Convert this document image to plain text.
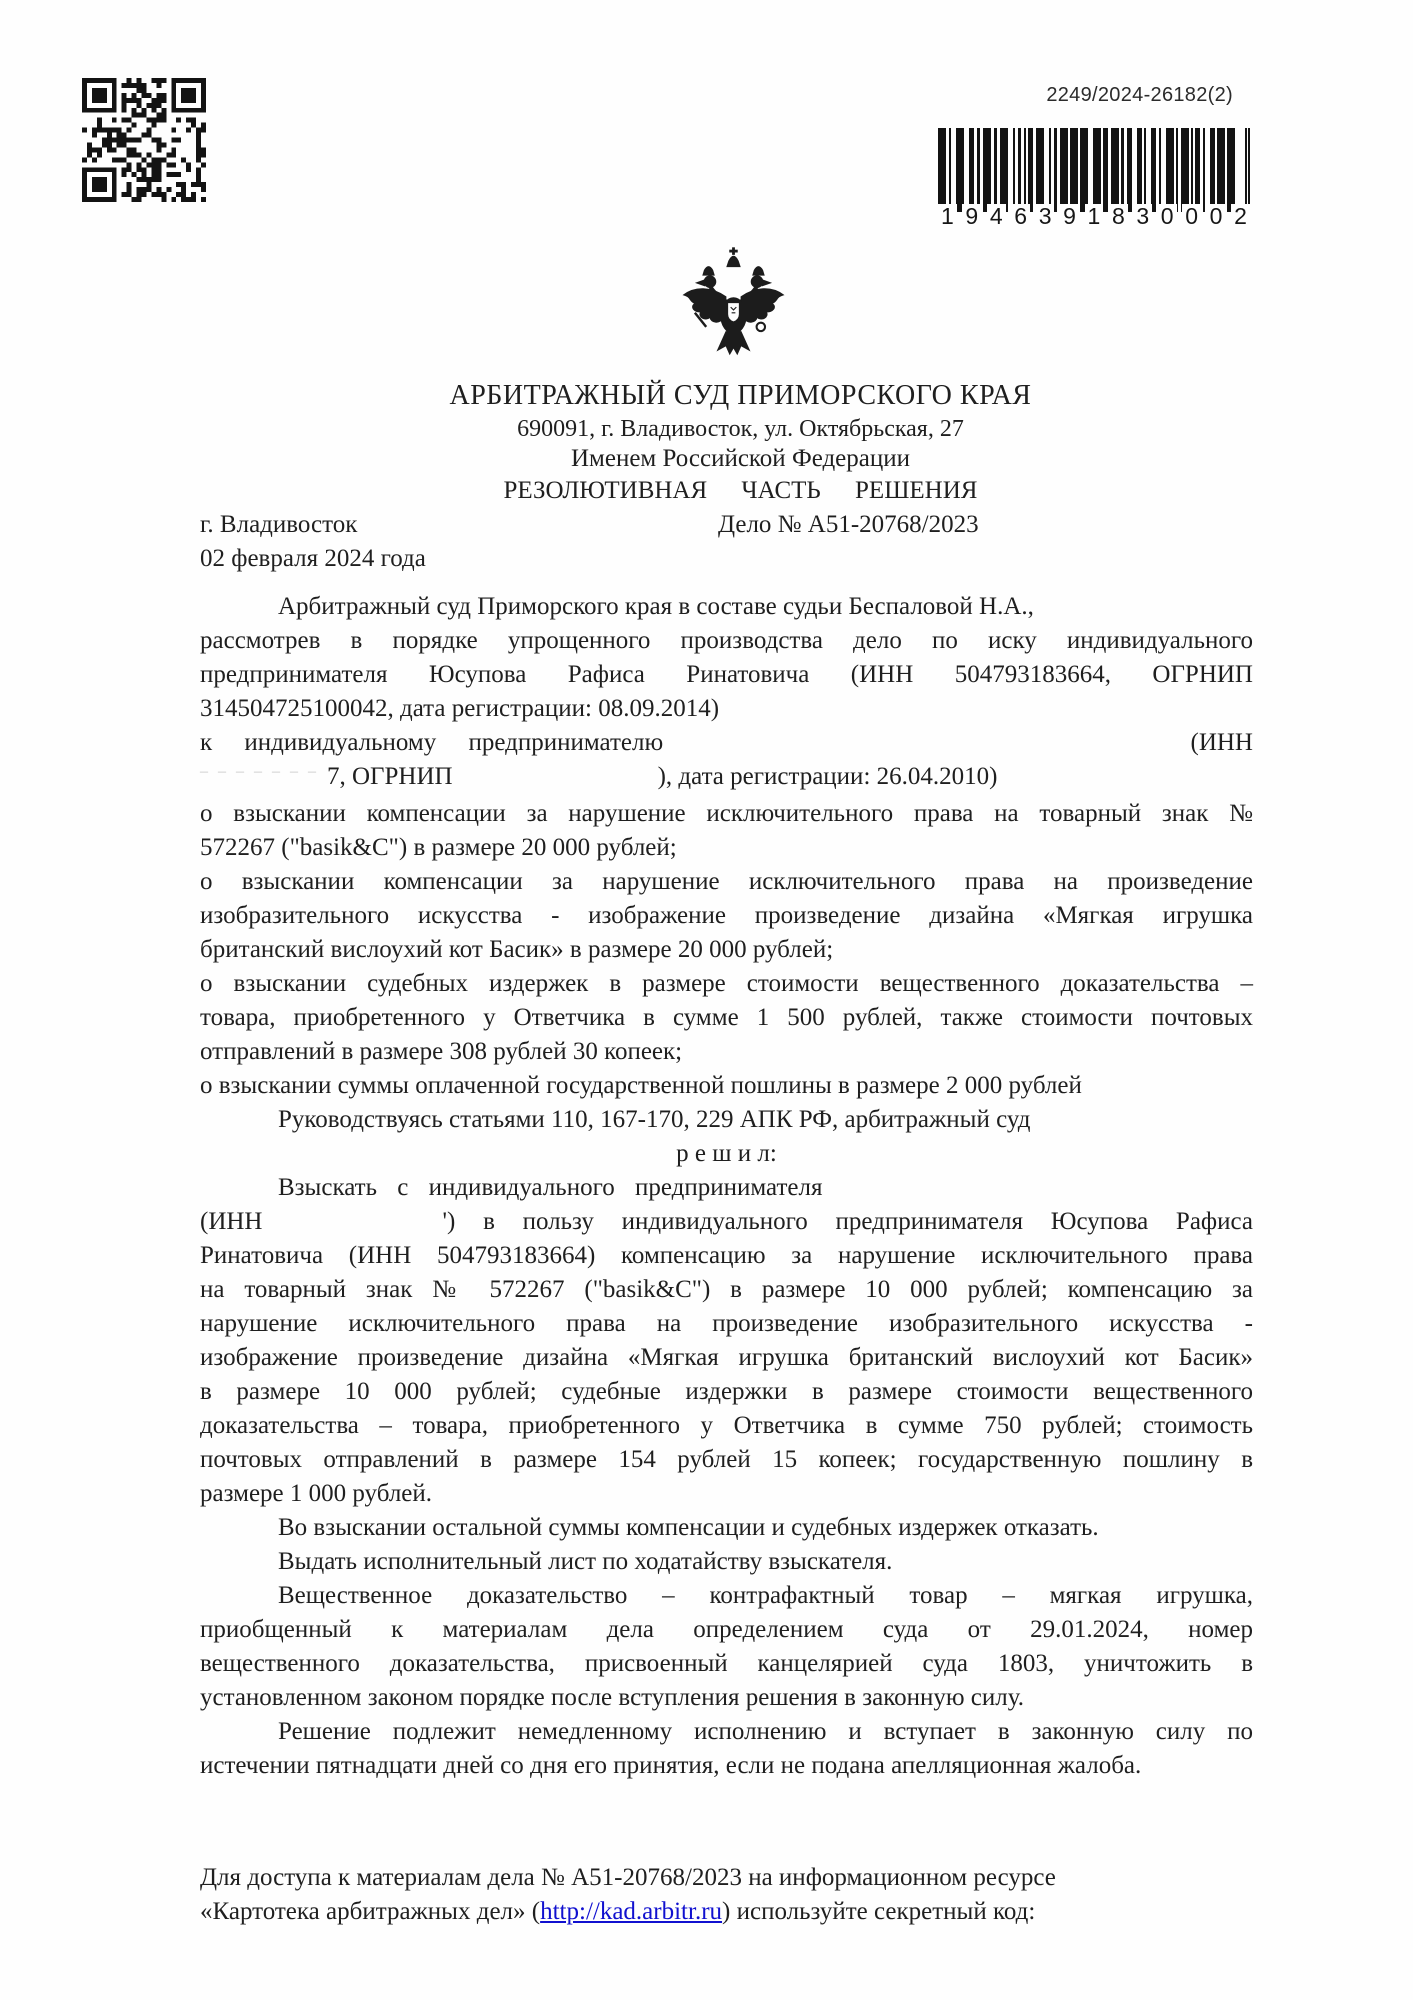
2249/2024-26182(2)
1 9 4 6 3 9 1 8 3 0 0 0 2
АРБИТРАЖНЫЙ СУД ПРИМОРСКОГО КРАЯ
690091, г. Владивосток, ул. Октябрьская, 27
Именем Российской Федерации
РЕЗОЛЮТИВНАЯ ЧАСТЬ РЕШЕНИЯ
г. Владивосток	Дело № А51-20768/2023
02 февраля 2024 года
Арбитражный суд Приморского края в составе судьи Беспаловой Н.А.,
рассмотрев в порядке упрощенного производства дело по иску индивидуального
предпринимателя Юсупова Рафиса Ринатовича (ИНН 504793183664, ОГРНИП
314504725100042, дата регистрации: 08.09.2014)
к индивидуальному предпринимателю	(ИНН
– – – – – – – 7, ОГРНИП	), дата регистрации: 26.04.2010)
о взыскании компенсации за нарушение исключительного права на товарный знак №
572267 ("basik&C") в размере 20 000 рублей;
о взыскании компенсации за нарушение исключительного права на произведение
изобразительного искусства - изображение произведение дизайна «Мягкая игрушка
британский вислоухий кот Басик» в размере 20 000 рублей;
о взыскании судебных издержек в размере стоимости вещественного доказательства –
товара, приобретенного у Ответчика в сумме 1 500 рублей, также стоимости почтовых
отправлений в размере 308 рублей 30 копеек;
о взыскании суммы оплаченной государственной пошлины в размере 2 000 рублей
Руководствуясь статьями 110, 167-170, 229 АПК РФ, арбитражный суд
р е ш и л:
Взыскать с индивидуального предпринимателя
(ИНН	') в пользу индивидуального предпринимателя Юсупова Рафиса
Ринатовича (ИНН 504793183664) компенсацию за нарушение исключительного права
на товарный знак № 572267 ("basik&C") в размере 10 000 рублей; компенсацию за
нарушение исключительного права на произведение изобразительного искусства -
изображение произведение дизайна «Мягкая игрушка британский вислоухий кот Басик»
в размере 10 000 рублей; судебные издержки в размере стоимости вещественного
доказательства – товара, приобретенного у Ответчика в сумме 750 рублей; стоимость
почтовых отправлений в размере 154 рублей 15 копеек; государственную пошлину в
размере 1 000 рублей.
Во взыскании остальной суммы компенсации и судебных издержек отказать.
Выдать исполнительный лист по ходатайству взыскателя.
Вещественное доказательство – контрафактный товар – мягкая игрушка,
приобщенный к материалам дела определением суда от 29.01.2024, номер
вещественного доказательства, присвоенный канцелярией суда 1803, уничтожить в
установленном законом порядке после вступления решения в законную силу.
Решение подлежит немедленному исполнению и вступает в законную силу по
истечении пятнадцати дней со дня его принятия, если не подана апелляционная жалоба.
Для доступа к материалам дела № А51-20768/2023 на информационном ресурсе
«Картотека арбитражных дел» (http://kad.arbitr.ru) используйте секретный код:
